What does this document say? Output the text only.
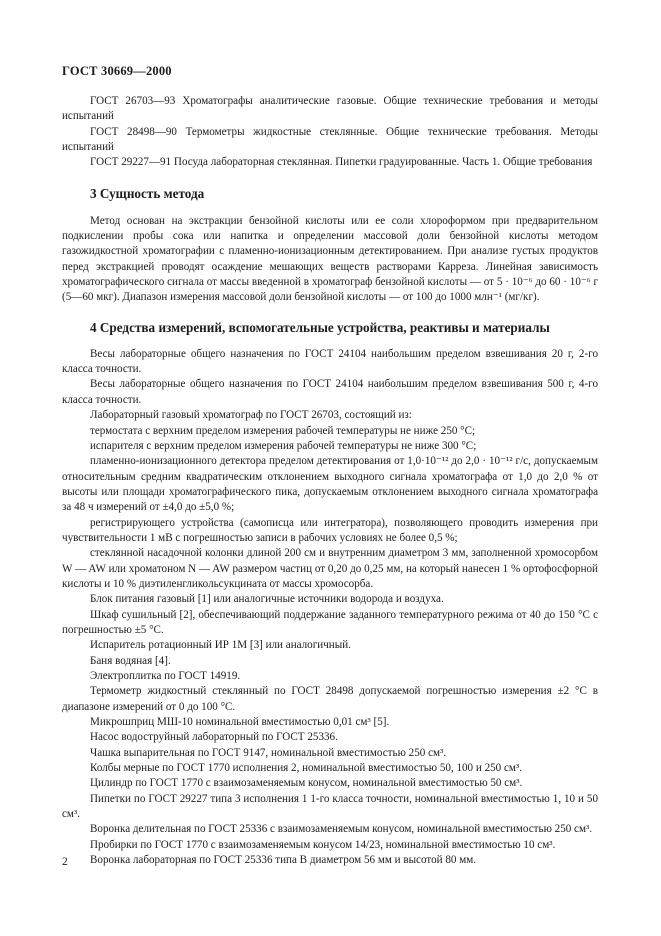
ГОСТ 30669—2000

ГОСТ 26703—93 Хроматографы аналитические газовые. Общие технические требования и методы испытаний

ГОСТ 28498—90 Термометры жидкостные стеклянные. Общие технические требования. Методы испытаний

ГОСТ 29227—91 Посуда лабораторная стеклянная. Пипетки градуированные. Часть 1. Общие требования

3 Сущность метода

Метод основан на экстракции бензойной кислоты или ее соли хлороформом при предварительном подкислении пробы сока или напитка и определении массовой доли бензойной кислоты методом газожидкостной хроматографии с пламенно-ионизационным детектированием. При анализе густых продуктов перед экстракцией проводят осаждение мешающих веществ растворами Карреза. Линейная зависимость хроматографического сигнала от массы введенной в хроматограф бензойной кислоты — от 5 · 10⁻⁶ до 60 · 10⁻⁶ г (5—60 мкг). Диапазон измерения массовой доли бензойной кислоты — от 100 до 1000 млн⁻¹ (мг/кг).

4 Средства измерений, вспомогательные устройства, реактивы и материалы

Весы лабораторные общего назначения по ГОСТ 24104 наибольшим пределом взвешивания 20 г, 2-го класса точности.

Весы лабораторные общего назначения по ГОСТ 24104 наибольшим пределом взвешивания 500 г, 4-го класса точности.

Лабораторный газовый хроматограф по ГОСТ 26703, состоящий из:

термостата с верхним пределом измерения рабочей температуры не ниже 250 °С;

испарителя с верхним пределом измерения рабочей температуры не ниже 300 °С;

пламенно-ионизационного детектора пределом детектирования от 1,0·10⁻¹² до 2,0 · 10⁻¹² г/с, допускаемым относительным средним квадратическим отклонением выходного сигнала хроматографа от 1,0 до 2,0 % от высоты или площади хроматографического пика, допускаемым отклонением выходного сигнала хроматографа за 48 ч измерений от ±4,0 до ±5,0 %;

регистрирующего устройства (самописца или интегратора), позволяющего проводить измерения при чувствительности 1 мВ с погрешностью записи в рабочих условиях не более 0,5 %;

стеклянной насадочной колонки длиной 200 см и внутренним диаметром 3 мм, заполненной хромосорбом W — AW или хроматоном N — AW размером частиц от 0,20 до 0,25 мм, на который нанесен 1 % ортофосфорной кислоты и 10 % диэтиленгликольсукцината от массы хромосорба.

Блок питания газовый [1] или аналогичные источники водорода и воздуха.

Шкаф сушильный [2], обеспечивающий поддержание заданного температурного режима от 40 до 150 °С с погрешностью ±5 °С.

Испаритель ротационный ИР 1М [3] или аналогичный.

Баня водяная [4].

Электроплитка по ГОСТ 14919.

Термометр жидкостный стеклянный по ГОСТ 28498 допускаемой погрешностью измерения ±2 °С в диапазоне измерений от 0 до 100 °С.

Микрошприц МШ-10 номинальной вместимостью 0,01 см³ [5].

Насос водоструйный лабораторный по ГОСТ 25336.

Чашка выпарительная по ГОСТ 9147, номинальной вместимостью 250 см³.

Колбы мерные по ГОСТ 1770 исполнения 2, номинальной вместимостью 50, 100 и 250 см³.

Цилиндр по ГОСТ 1770 с взаимозаменяемым конусом, номинальной вместимостью 50 см³.

Пипетки по ГОСТ 29227 типа 3 исполнения 1 1-го класса точности, номинальной вместимостью 1, 10 и 50 см³.

Воронка делительная по ГОСТ 25336 с взаимозаменяемым конусом, номинальной вместимостью 250 см³.

Пробирки по ГОСТ 1770 с взаимозаменяемым конусом 14/23, номинальной вместимостью 10 см³.

Воронка лабораторная по ГОСТ 25336 типа В диаметром 56 мм и высотой 80 мм.

2
